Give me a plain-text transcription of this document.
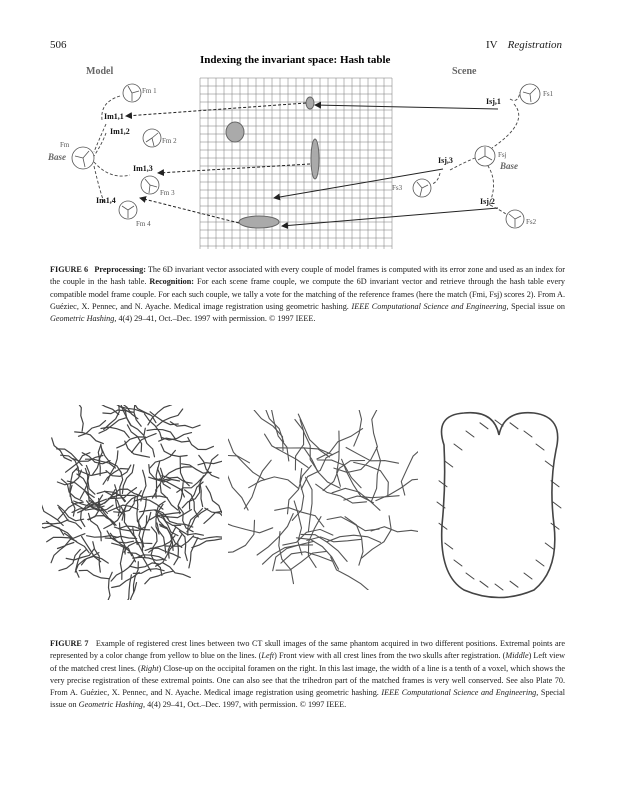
506	IV Registration
Indexing the invariant space: Hash table
Model	Scene
Fm 1
Fm 2
Fm 3
Fm 4
Fm
Base
Im1,1
Im1,2
Im1,3
Im1,4
Fs1
Fsj
Fs3
Fs2
Base
Isj,1
Isj,3
Isj,2
FIGURE 6 Preprocessing: The 6D invariant vector associated with every couple of model frames is computed with its error zone and used as an index for the couple in the hash table. Recognition: For each scene frame couple, we compute the 6D invariant vector and retrieve through the hash table every compatible model frame couple. For each such couple, we tally a vote for the matching of the reference frames (here the match (Fmi, Fsj) scores 2). From A. Guéziec, X. Pennec, and N. Ayache. Medical image registration using geometric hashing. IEEE Computational Science and Engineering, Special issue on Geometric Hashing, 4(4) 29–41, Oct.–Dec. 1997 with permission. © 1997 IEEE.
FIGURE 7 Example of registered crest lines between two CT skull images of the same phantom acquired in two different positions. Extremal points are represented by a color change from yellow to blue on the lines. (Left) Front view with all crest lines from the two skulls after registration. (Middle) Left view of the matched crest lines. (Right) Close-up on the occipital foramen on the right. In this last image, the width of a line is a tenth of a voxel, which shows the very precise registration of these extremal points. One can also see that the trihedron part of the matched frames is very well conserved. See also Plate 70. From A. Guéziec, X. Pennec, and N. Ayache. Medical image registration using geometric hashing. IEEE Computational Science and Engineering, Special issue on Geometric Hashing, 4(4) 29–41, Oct.–Dec. 1997, with permission. © 1997 IEEE.
